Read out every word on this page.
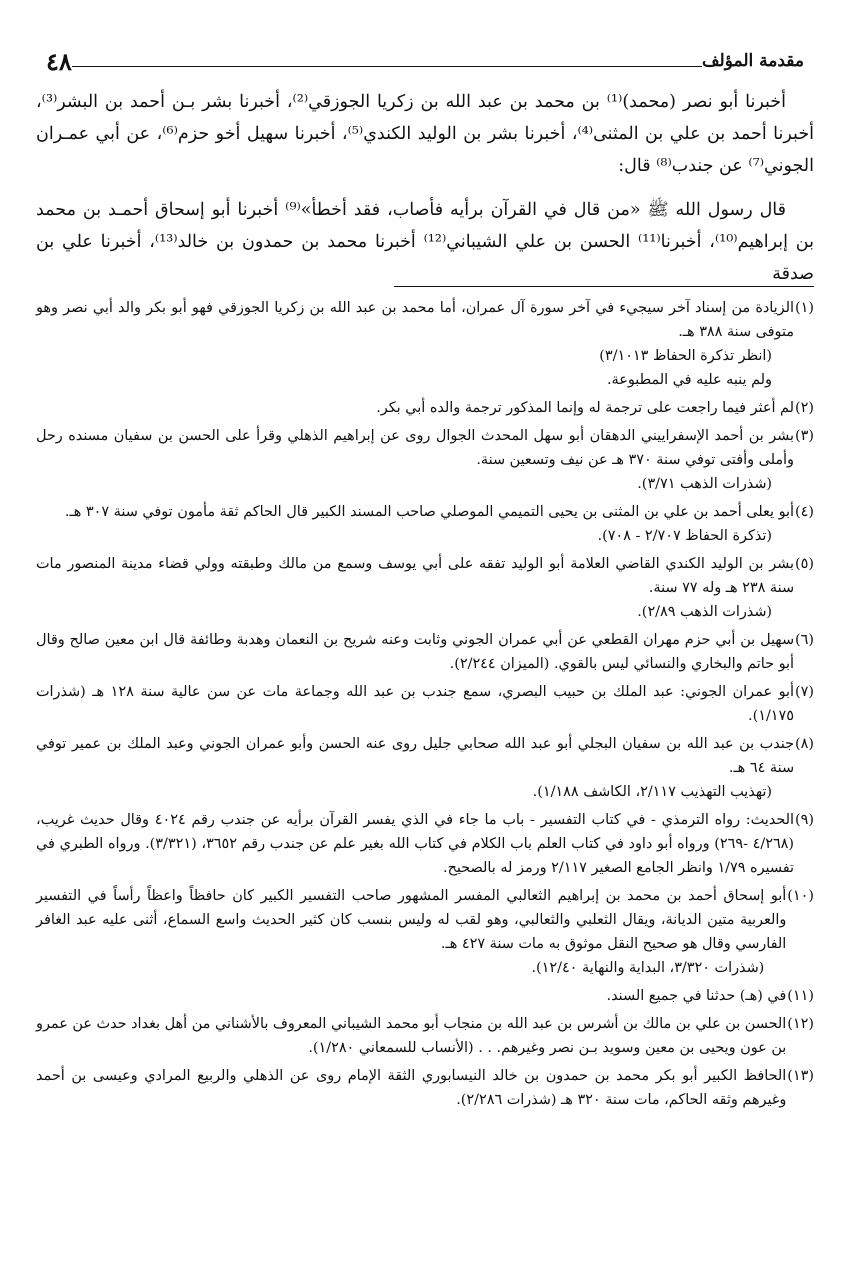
مقدمة المؤلف
٤٨

أخبرنا أبو نصر (محمد)⁽¹⁾ بن محمد بن عبد الله بن زكريا الجوزقي⁽²⁾، أخبرنا بشر بـن أحمد بن البشر⁽³⁾، أخبرنا أحمد بن علي بن المثنى⁽⁴⁾، أخبرنا بشر بن الوليد الكندي⁽⁵⁾، أخبرنا سهيل أخو حزم⁽⁶⁾، عن أبي عمـران الجوني⁽⁷⁾ عن جندب⁽⁸⁾ قال:

قال رسول الله ﷺ «من قال في القرآن برأيه فأصاب، فقد أخطأ»⁽⁹⁾ أخبرنا أبو إسحاق أحمـد بن محمد بن إبراهيم⁽¹⁰⁾، أخبرنا⁽¹¹⁾ الحسن بن علي الشيباني⁽¹²⁾ أخبرنا محمد بن حمدون بن خالد⁽¹³⁾، أخبرنا علي بن صدقة

(١)
الزيادة من إسناد آخر سيجيء في آخر سورة آل عمران، أما محمد بن عبد الله بن زكريا الجوزقي فهو أبو بكر والد أبي نصر وهو متوفى سنة ٣٨٨ هـ.
(انظر تذكرة الحفاظ ٣/١٠١٣)
ولم ينبه عليه في المطبوعة.
(٢)
لم أعثر فيما راجعت على ترجمة له وإنما المذكور ترجمة والده أبي بكر.
(٣)
بشر بن أحمد الإسفراييني الدهقان أبو سهل المحدث الجوال روى عن إبراهيم الذهلي وقرأ على الحسن بن سفيان مسنده رحل وأملى وأفتى توفي سنة ٣٧٠ هـ عن نيف وتسعين سنة.
(شذرات الذهب ٣/٧١).
(٤)
أبو يعلى أحمد بن علي بن المثنى بن يحيى التميمي الموصلي صاحب المسند الكبير قال الحاكم ثقة مأمون توفي سنة ٣٠٧ هـ.
(تذكرة الحفاظ ٢/٧٠٧ - ٧٠٨).
(٥)
بشر بن الوليد الكندي القاضي العلامة أبو الوليد تفقه على أبي يوسف وسمع من مالك وطبقته وولي قضاء مدينة المنصور مات سنة ٢٣٨ هـ وله ٧٧ سنة.
(شذرات الذهب ٢/٨٩).
(٦)
سهيل بن أبي حزم مهران القطعي عن أبي عمران الجوني وثابت وعنه شريح بن النعمان وهدبة وطائفة قال ابن معين صالح وقال أبو حاتم والبخاري والنسائي ليس بالقوي. (الميزان ٢/٢٤٤).
(٧)
أبو عمران الجوني: عبد الملك بن حبيب البصري، سمع جندب بن عبد الله وجماعة مات عن سن عالية سنة ١٢٨ هـ (شذرات ١/١٧٥).
(٨)
جندب بن عبد الله بن سفيان البجلي أبو عبد الله صحابي جليل روى عنه الحسن وأبو عمران الجوني وعبد الملك بن عمير توفي سنة ٦٤ هـ.
(تهذيب التهذيب ٢/١١٧، الكاشف ١/١٨٨).
(٩)
الحديث: رواه الترمذي - في كتاب التفسير - باب ما جاء في الذي يفسر القرآن برأيه عن جندب رقم ٤٠٢٤ وقال حديث غريب، (٤/٢٦٨ -٢٦٩) ورواه أبو داود في كتاب العلم باب الكلام في كتاب الله بغير علم عن جندب رقم ٣٦٥٢، (٣/٣٢١). ورواه الطبري في تفسيره ١/٧٩ وانظر الجامع الصغير ٢/١١٧ ورمز له بالصحيح.
(١٠)
أبو إسحاق أحمد بن محمد بن إبراهيم الثعالبي المفسر المشهور صاحب التفسير الكبير كان حافظاً واعظاً رأساً في التفسير والعربية متين الديانة، ويقال الثعلبي والثعالبي، وهو لقب له وليس بنسب كان كثير الحديث واسع السماع، أثنى عليه عبد الغافر الفارسي وقال هو صحيح النقل موثوق به مات سنة ٤٢٧ هـ.
(شذرات ٣/٣٢٠، البداية والنهاية ١٢/٤٠).
(١١)
في (هـ) حدثنا في جميع السند.
(١٢)
الحسن بن علي بن مالك بن أشرس بن عبد الله بن منجاب أبو محمد الشيباني المعروف بالأشناني من أهل بغداد حدث عن عمرو بن عون ويحيى بن معين وسويد بـن نصر وغيرهم. . . (الأنساب للسمعاني ١/٢٨٠).
(١٣)
الحافظ الكبير أبو بكر محمد بن حمدون بن خالد النيسابوري الثقة الإمام روى عن الذهلي والربيع المرادي وعيسى بن أحمد وغيرهم وثقه الحاكم، مات سنة ٣٢٠ هـ (شذرات ٢/٢٨٦).
